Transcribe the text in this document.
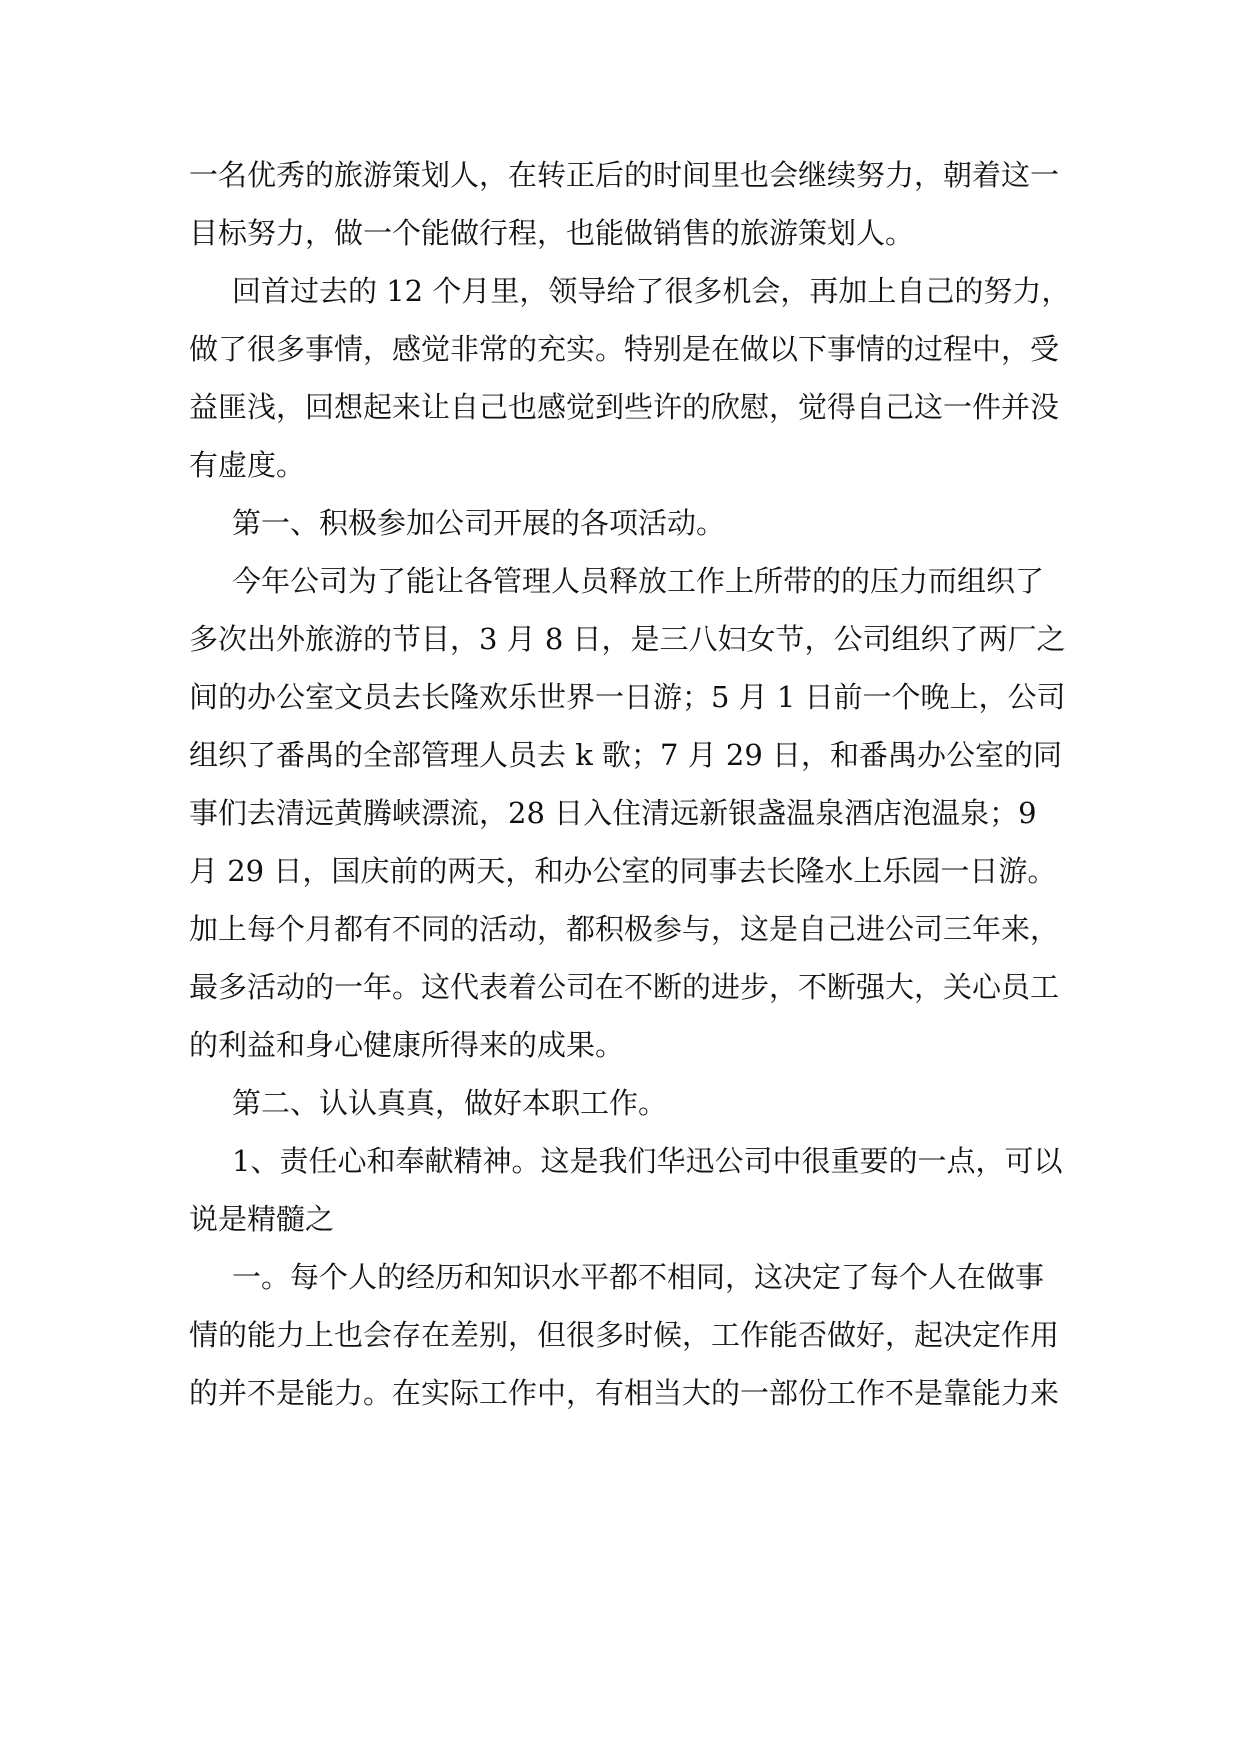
一名优秀的旅游策划人，在转正后的时间里也会继续努力，朝着这一
目标努力，做一个能做行程，也能做销售的旅游策划人。

回首过去的 12 个月里，领导给了很多机会，再加上自己的努力，
做了很多事情，感觉非常的充实。特别是在做以下事情的过程中，受
益匪浅，回想起来让自己也感觉到些许的欣慰，觉得自己这一件并没
有虚度。

第一、积极参加公司开展的各项活动。

今年公司为了能让各管理人员释放工作上所带的的压力而组织了
多次出外旅游的节目，3 月 8 日，是三八妇女节，公司组织了两厂之
间的办公室文员去长隆欢乐世界一日游；5 月 1 日前一个晚上，公司
组织了番禺的全部管理人员去 k 歌；7 月 29 日，和番禺办公室的同
事们去清远黄腾峡漂流，28 日入住清远新银盏温泉酒店泡温泉；9
月 29 日，国庆前的两天，和办公室的同事去长隆水上乐园一日游。
加上每个月都有不同的活动，都积极参与，这是自己进公司三年来，
最多活动的一年。这代表着公司在不断的进步，不断强大，关心员工
的利益和身心健康所得来的成果。

第二、认认真真，做好本职工作。

1、责任心和奉献精神。这是我们华迅公司中很重要的一点，可以
说是精髓之

一。每个人的经历和知识水平都不相同，这决定了每个人在做事
情的能力上也会存在差别，但很多时候，工作能否做好，起决定作用
的并不是能力。在实际工作中，有相当大的一部份工作不是靠能力来
